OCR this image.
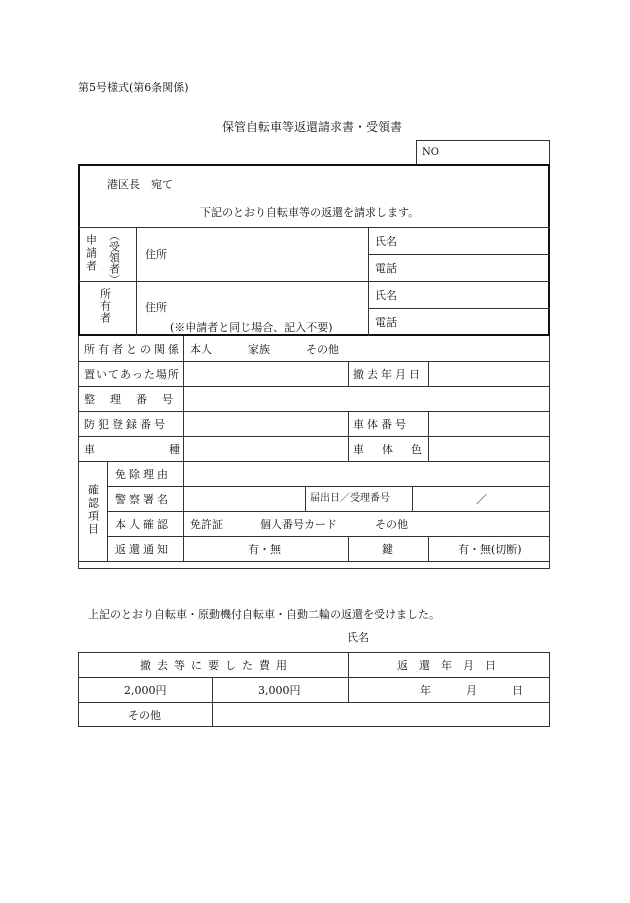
第5号様式(第6条関係)
保管自転車等返還請求書・受領書
NO
港区長　宛て
下記のとおり自転車等の返還を請求します。
申請者 （受領者） 住所
氏名
電話
所有者	住所
(※申請者と同じ場合、記入不要)
氏名
電話
所有者との関係 本人	家族	その他
置いてあった場所	撤去年月日
整理番号
防犯登録番号	車体番号
車種	車体色
確認項目
免除理由
警察署名	届出日／受理番号	／
本人確認 免許証	個人番号カード	その他
返還通知	有・無	鍵	有・無(切断)
上記のとおり自転車・原動機付自転車・自動二輪の返還を受けました。
氏名
撤去等に要した費用	返還年月日
2,000円	3,000円	年	月	日
その他
